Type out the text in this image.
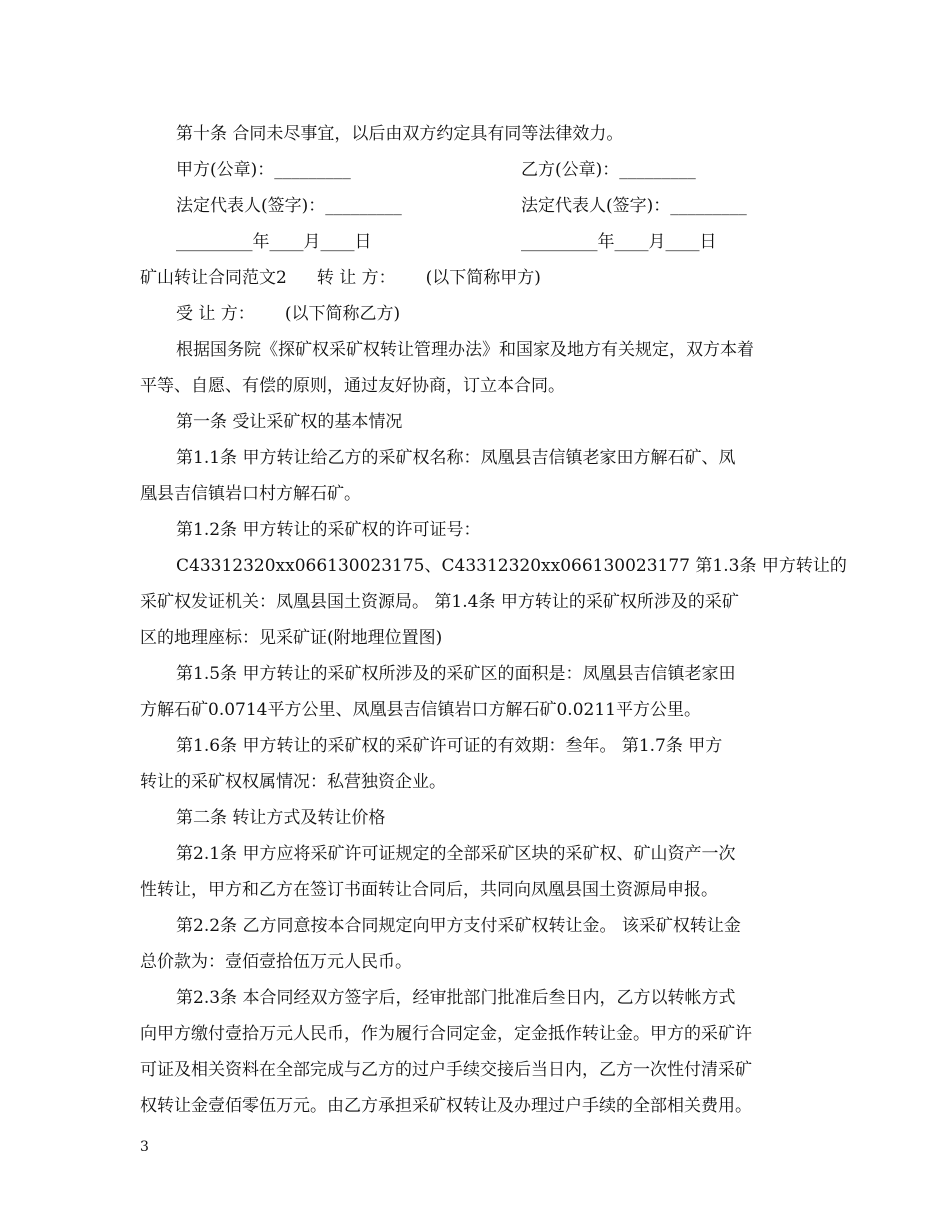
第十条 合同未尽事宜，以后由双方约定具有同等法律效力。
甲方(公章)：_________	乙方(公章)：_________
法定代表人(签字)：_________	法定代表人(签字)：_________
_________年____月____日	_________年____月____日
矿山转让合同范文2 转 让 方： (以下简称甲方)
受 让 方： (以下简称乙方)
根据国务院《探矿权采矿权转让管理办法》和国家及地方有关规定，双方本着
平等、自愿、有偿的原则，通过友好协商，订立本合同。
第一条 受让采矿权的基本情况
第1.1条 甲方转让给乙方的采矿权名称：凤凰县吉信镇老家田方解石矿、凤
凰县吉信镇岩口村方解石矿。
第1.2条 甲方转让的采矿权的许可证号：
C43312320xx066130023175、C43312320xx066130023177 第1.3条 甲方转让的
采矿权发证机关：凤凰县国土资源局。 第1.4条 甲方转让的采矿权所涉及的采矿
区的地理座标：见采矿证(附地理位置图)
第1.5条 甲方转让的采矿权所涉及的采矿区的面积是：凤凰县吉信镇老家田
方解石矿0.0714平方公里、凤凰县吉信镇岩口方解石矿0.0211平方公里。
第1.6条 甲方转让的采矿权的采矿许可证的有效期：叁年。 第1.7条 甲方
转让的采矿权权属情况：私营独资企业。
第二条 转让方式及转让价格
第2.1条 甲方应将采矿许可证规定的全部采矿区块的采矿权、矿山资产一次
性转让，甲方和乙方在签订书面转让合同后，共同向凤凰县国土资源局申报。
第2.2条 乙方同意按本合同规定向甲方支付采矿权转让金。 该采矿权转让金
总价款为：壹佰壹拾伍万元人民币。
第2.3条 本合同经双方签字后，经审批部门批准后叁日内，乙方以转帐方式
向甲方缴付壹拾万元人民币，作为履行合同定金，定金抵作转让金。甲方的采矿许
可证及相关资料在全部完成与乙方的过户手续交接后当日内，乙方一次性付清采矿
权转让金壹佰零伍万元。由乙方承担采矿权转让及办理过户手续的全部相关费用。
3
